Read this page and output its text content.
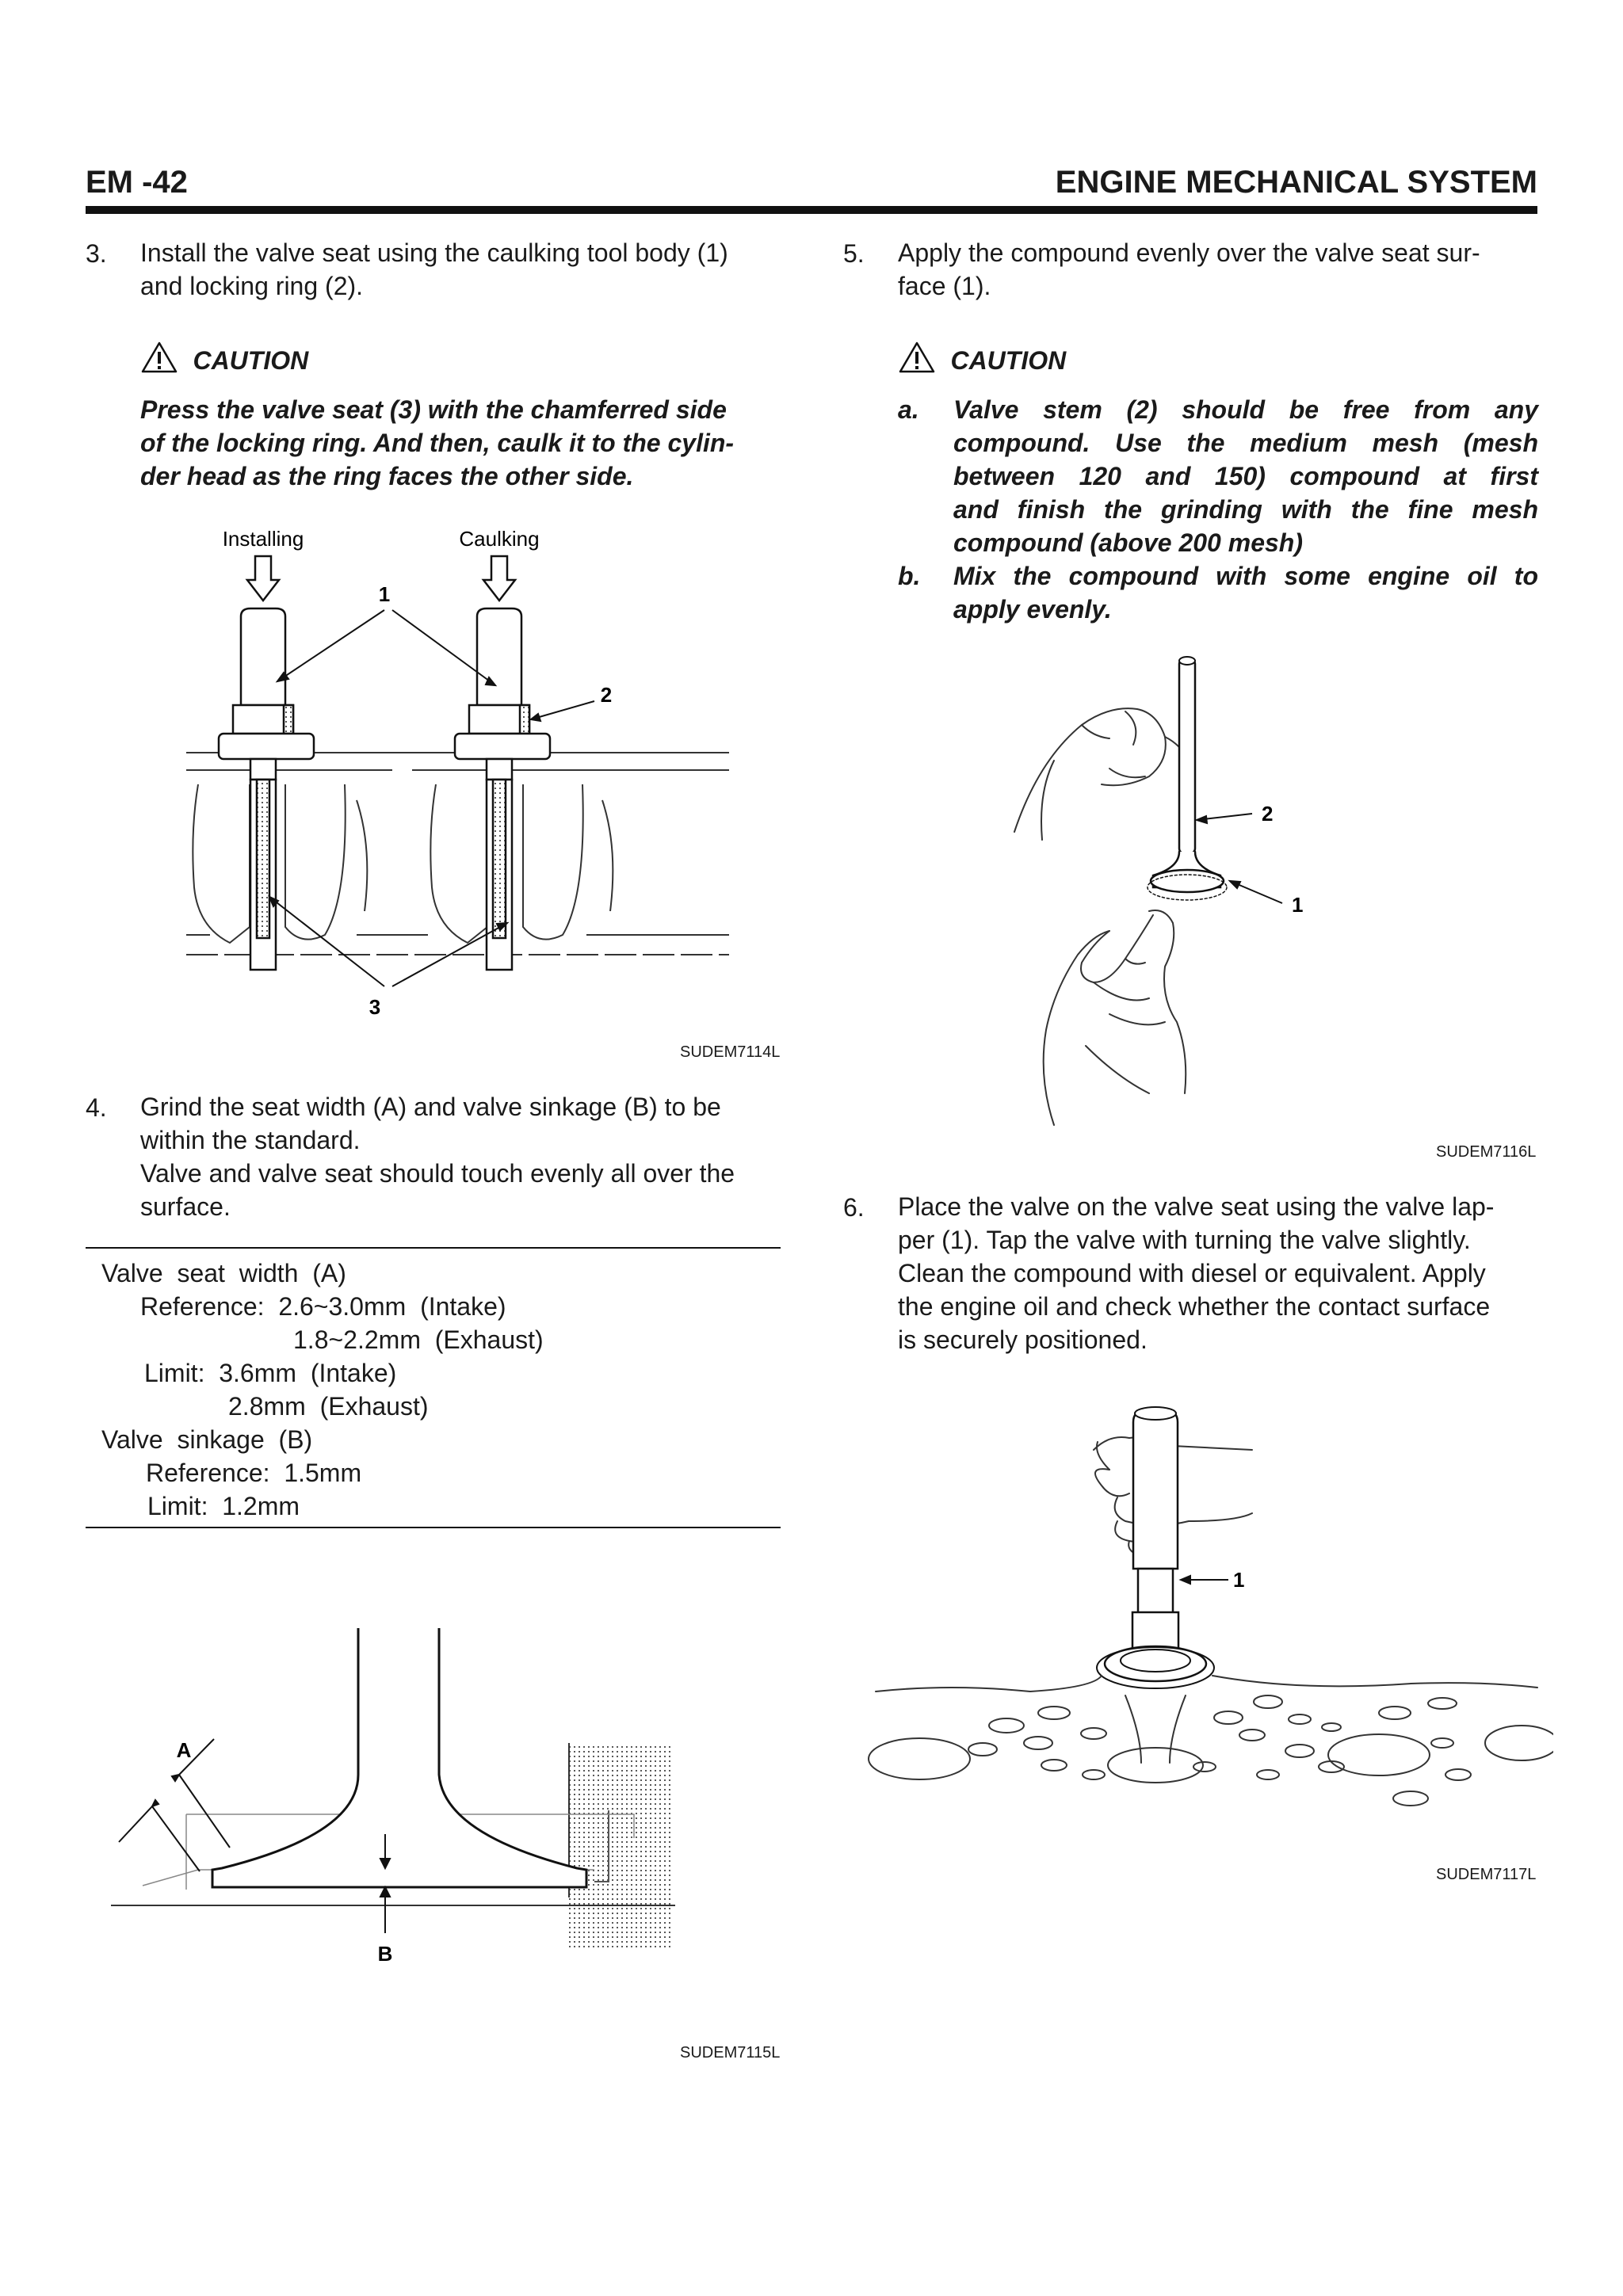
EM -42	ENGINE MECHANICAL SYSTEM
3. Install the valve seat using the caulking tool body (1)
and locking ring (2).
CAUTION
Press the valve seat (3) with the chamferred side
of the locking ring. And then, caulk it to the cylin-
der head as the ring faces the other side.
Installing	Caulking
1
2
3
SUDEM7114L
4. Grind the seat width (A) and valve sinkage (B) to be
within the standard.
Valve and valve seat should touch evenly all over the
surface.
Valve  seat  width  (A)
Reference:  2.6~3.0mm  (Intake)
1.8~2.2mm  (Exhaust)
Limit:  3.6mm  (Intake)
2.8mm  (Exhaust)
Valve  sinkage  (B)
Reference:  1.5mm
Limit:  1.2mm
A
B
SUDEM7115L
5. Apply the compound evenly over the valve seat sur-
face (1).
CAUTION
a. Valve stem (2) should be free from any
compound. Use the medium mesh (mesh
between 120 and 150) compound at first
and finish the grinding with the fine mesh
compound (above 200 mesh)
b. Mix the compound with some engine oil to
apply evenly.
2
1
SUDEM7116L
6. Place the valve on the valve seat using the valve lap-
per (1). Tap the valve with turning the valve slightly.
Clean the compound with diesel or equivalent. Apply
the engine oil and check whether the contact surface
is securely positioned.
1
SUDEM7117L
